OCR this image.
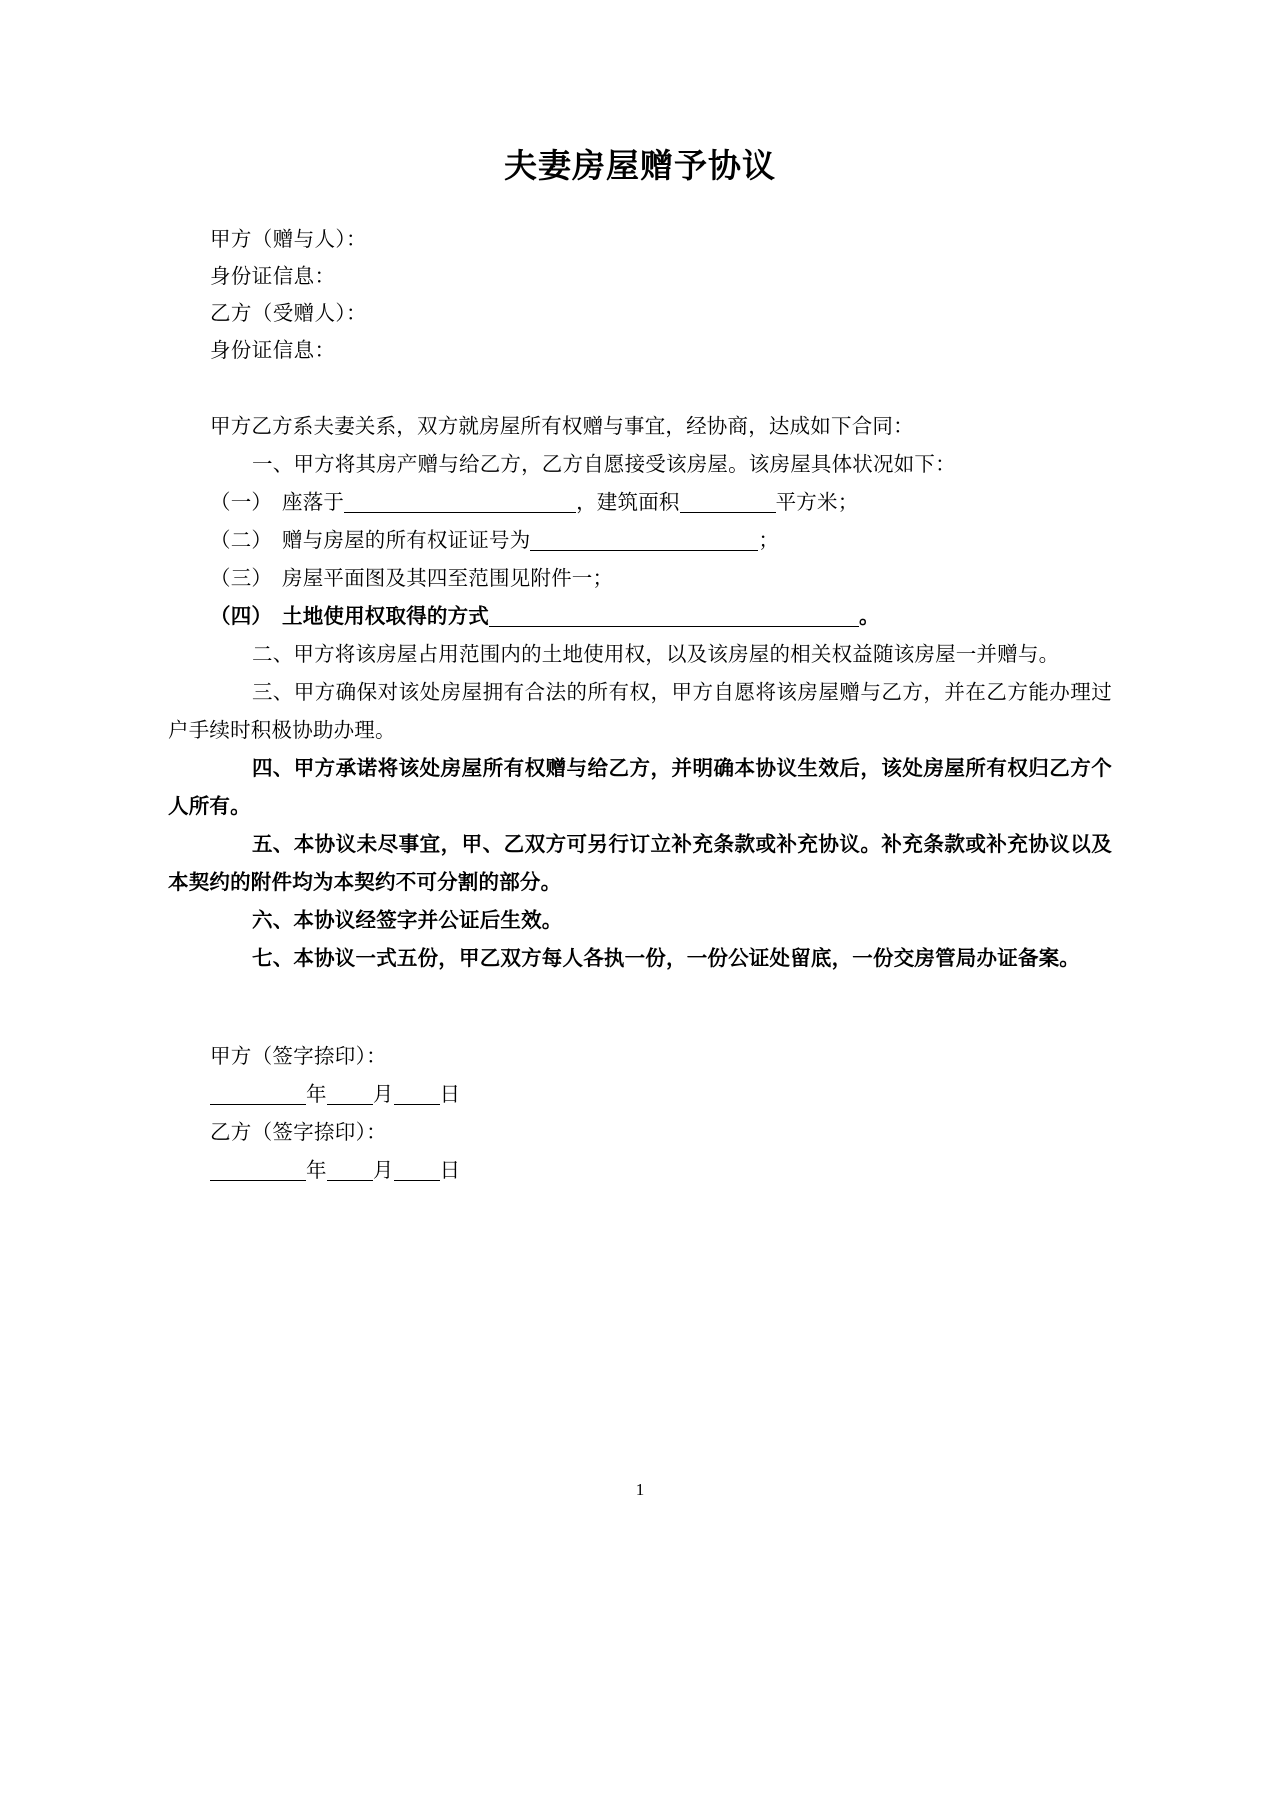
夫妻房屋赠予协议
甲方（赠与人）：
身份证信息：
乙方（受赠人）：
身份证信息：

甲方乙方系夫妻关系，双方就房屋所有权赠与事宜，经协商，达成如下合同：

一、甲方将其房产赠与给乙方，乙方自愿接受该房屋。该房屋具体状况如下：

（一） 座落于	，建筑面积	平方米；

（二） 赠与房屋的所有权证证号为	；

（三） 房屋平面图及其四至范围见附件一；

（四） 土地使用权取得的方式	。

二、甲方将该房屋占用范围内的土地使用权，以及该房屋的相关权益随该房屋一并赠与。

三、甲方确保对该处房屋拥有合法的所有权，甲方自愿将该房屋赠与乙方，并在乙方能办理过户手续时积极协助办理。

四、甲方承诺将该处房屋所有权赠与给乙方，并明确本协议生效后，该处房屋所有权归乙方个人所有。

五、本协议未尽事宜，甲、乙双方可另行订立补充条款或补充协议。补充条款或补充协议以及本契约的附件均为本契约不可分割的部分。

六、本协议经签字并公证后生效。

七、本协议一式五份，甲乙双方每人各执一份，一份公证处留底，一份交房管局办证备案。

甲方（签字捺印）：
年 月 日
乙方（签字捺印）：
年 月 日
1
